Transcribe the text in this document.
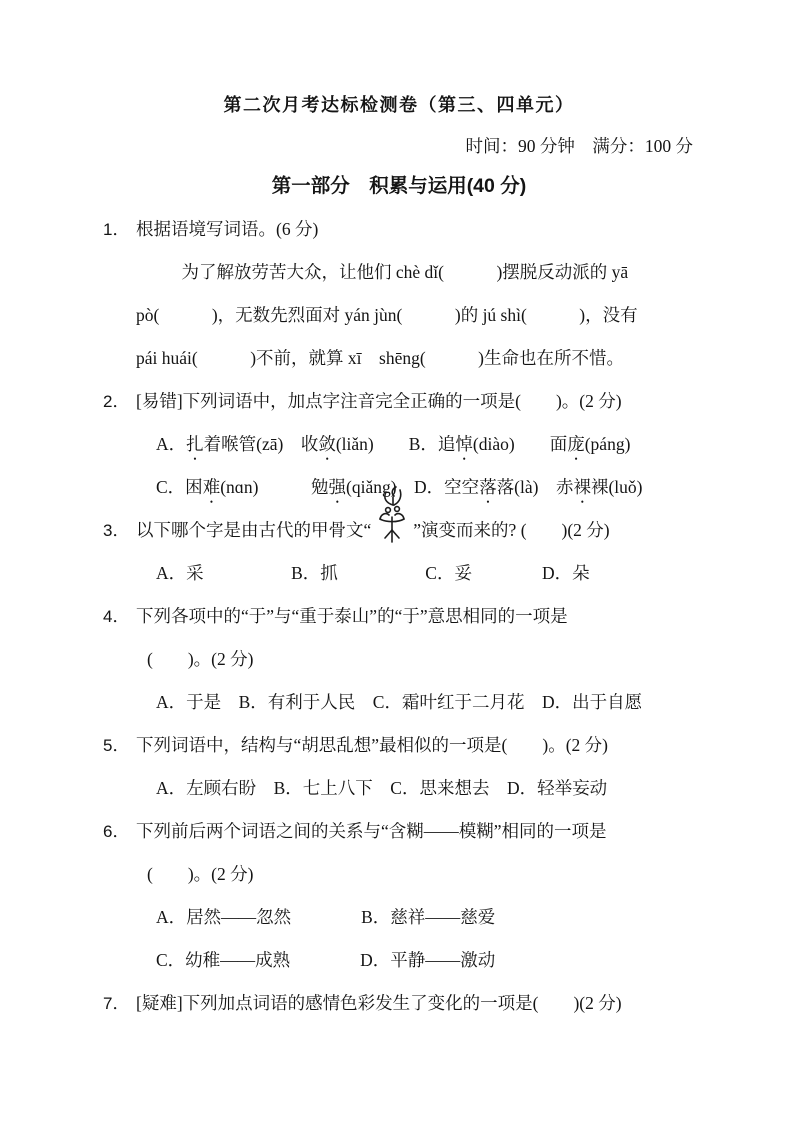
第二次月考达标检测卷（第三、四单元）
时间：90 分钟　满分：100 分
第一部分　积累与运用(40 分)
1． 根据语境写词语。(6 分)
为了解放劳苦大众，让他们 chè dǐ(　　　)摆脱反动派的 yā
pò(　　　)，无数先烈面对 yán jùn(　　　)的 jú shì(　　　)，没有
pái huái(　　　)不前，就算 xī　shēng(　　　)生命也在所不惜。
2． [易错]下列词语中，加点字注音完全正确的一项是(　　)。(2 分)
A．扎着喉管(zā)　收敛(liǎn)　　B．追悼(diào)　　面庞(páng)
C．困难(nɑn)　　　勉强(qiǎng)　D．空空落落(là)　赤裸裸(luǒ)
3． 以下哪个字是由古代的甲骨文“ ”演变而来的? (　　)(2 分)
A．采　　　　　B．抓　　　　　C．妥　　　　D．朵
4． 下列各项中的“于”与“重于泰山”的“于”意思相同的一项是
(　　)。(2 分)
A．于是　B．有利于人民　C．霜叶红于二月花　D．出于自愿
5． 下列词语中，结构与“胡思乱想”最相似的一项是(　　)。(2 分)
A．左顾右盼　B．七上八下　C．思来想去　D．轻举妄动
6． 下列前后两个词语之间的关系与“含糊——模糊”相同的一项是
(　　)。(2 分)
A．居然——忽然　　　　B．慈祥——慈爱
C．幼稚——成熟　　　　D．平静——激动
7． [疑难]下列加点词语的感情色彩发生了变化的一项是(　　)(2 分)
